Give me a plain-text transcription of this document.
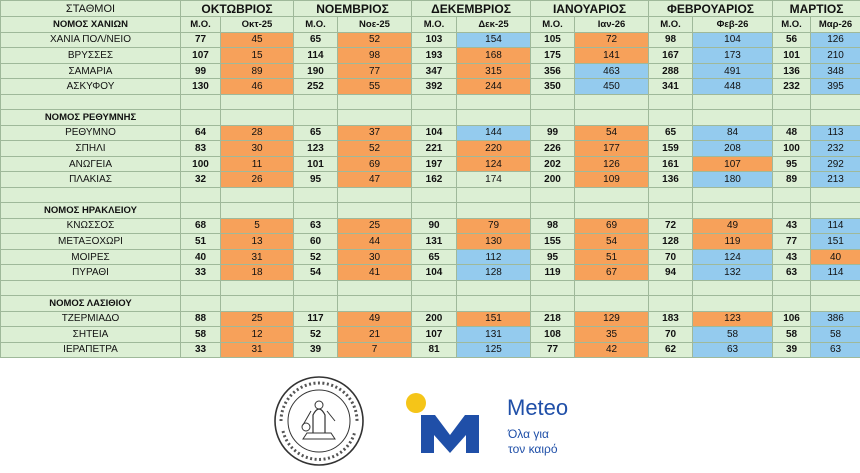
ΣΤΑΘΜΟΙ	ΟΚΤΩΒΡΙΟΣ		ΝΟΕΜΒΡΙΟΣ		ΔΕΚΕΜΒΡΙΟΣ		ΙΑΝΟΥΑΡΙΟΣ		ΦΕΒΡΟΥΑΡΙΟΣ		ΜΑΡΤΙΟΣ	
ΝΟΜΟΣ ΧΑΝΙΩΝ	Μ.Ο.	Οκτ-25	Μ.Ο.	Νοε-25	Μ.Ο.	Δεκ-25	Μ.Ο.	Ιαν-26	Μ.Ο.	Φεβ-26	Μ.Ο.	Μαρ-26
ΧΑΝΙΑ ΠΟΛ/ΝΕΙΟ	77	45	65	52	103	154	105	72	98	104	56	126
ΒΡΥΣΣΕΣ	107	15	114	98	193	168	175	141	167	173	101	210
ΣΑΜΑΡΙΑ	99	89	190	77	347	315	356	463	288	491	136	348
ΑΣΚΥΦΟΥ	130	46	252	55	392	244	350	450	341	448	232	395

ΝΟΜΟΣ ΡΕΘΥΜΝΗΣ												
ΡΕΘΥΜΝΟ	64	28	65	37	104	144	99	54	65	84	48	113
ΣΠΗΛΙ	83	30	123	52	221	220	226	177	159	208	100	232
ΑΝΩΓΕΙΑ	100	11	101	69	197	124	202	126	161	107	95	292
ΠΛΑΚΙΑΣ	32	26	95	47	162	174	200	109	136	180	89	213

ΝΟΜΟΣ ΗΡΑΚΛΕΙΟΥ												
ΚΝΩΣΣΟΣ	68	5	63	25	90	79	98	69	72	49	43	114
ΜΕΤΑΞΟΧΩΡΙ	51	13	60	44	131	130	155	54	128	119	77	151
ΜΟΙΡΕΣ	40	31	52	30	65	112	95	51	70	124	43	40
ΠΥΡΑΘΙ	33	18	54	41	104	128	119	67	94	132	63	114

ΝΟΜΟΣ ΛΑΣΙΘΙΟΥ												
ΤΖΕΡΜΙΑΔΟ	88	25	117	49	200	151	218	129	183	123	106	386
ΣΗΤΕΙΑ	58	12	52	21	107	131	108	35	70	58	58	58
ΙΕΡΑΠΕΤΡΑ	33	31	39	7	81	125	77	42	62	63	39	63
Meteo
Όλα για
τον καιρό
